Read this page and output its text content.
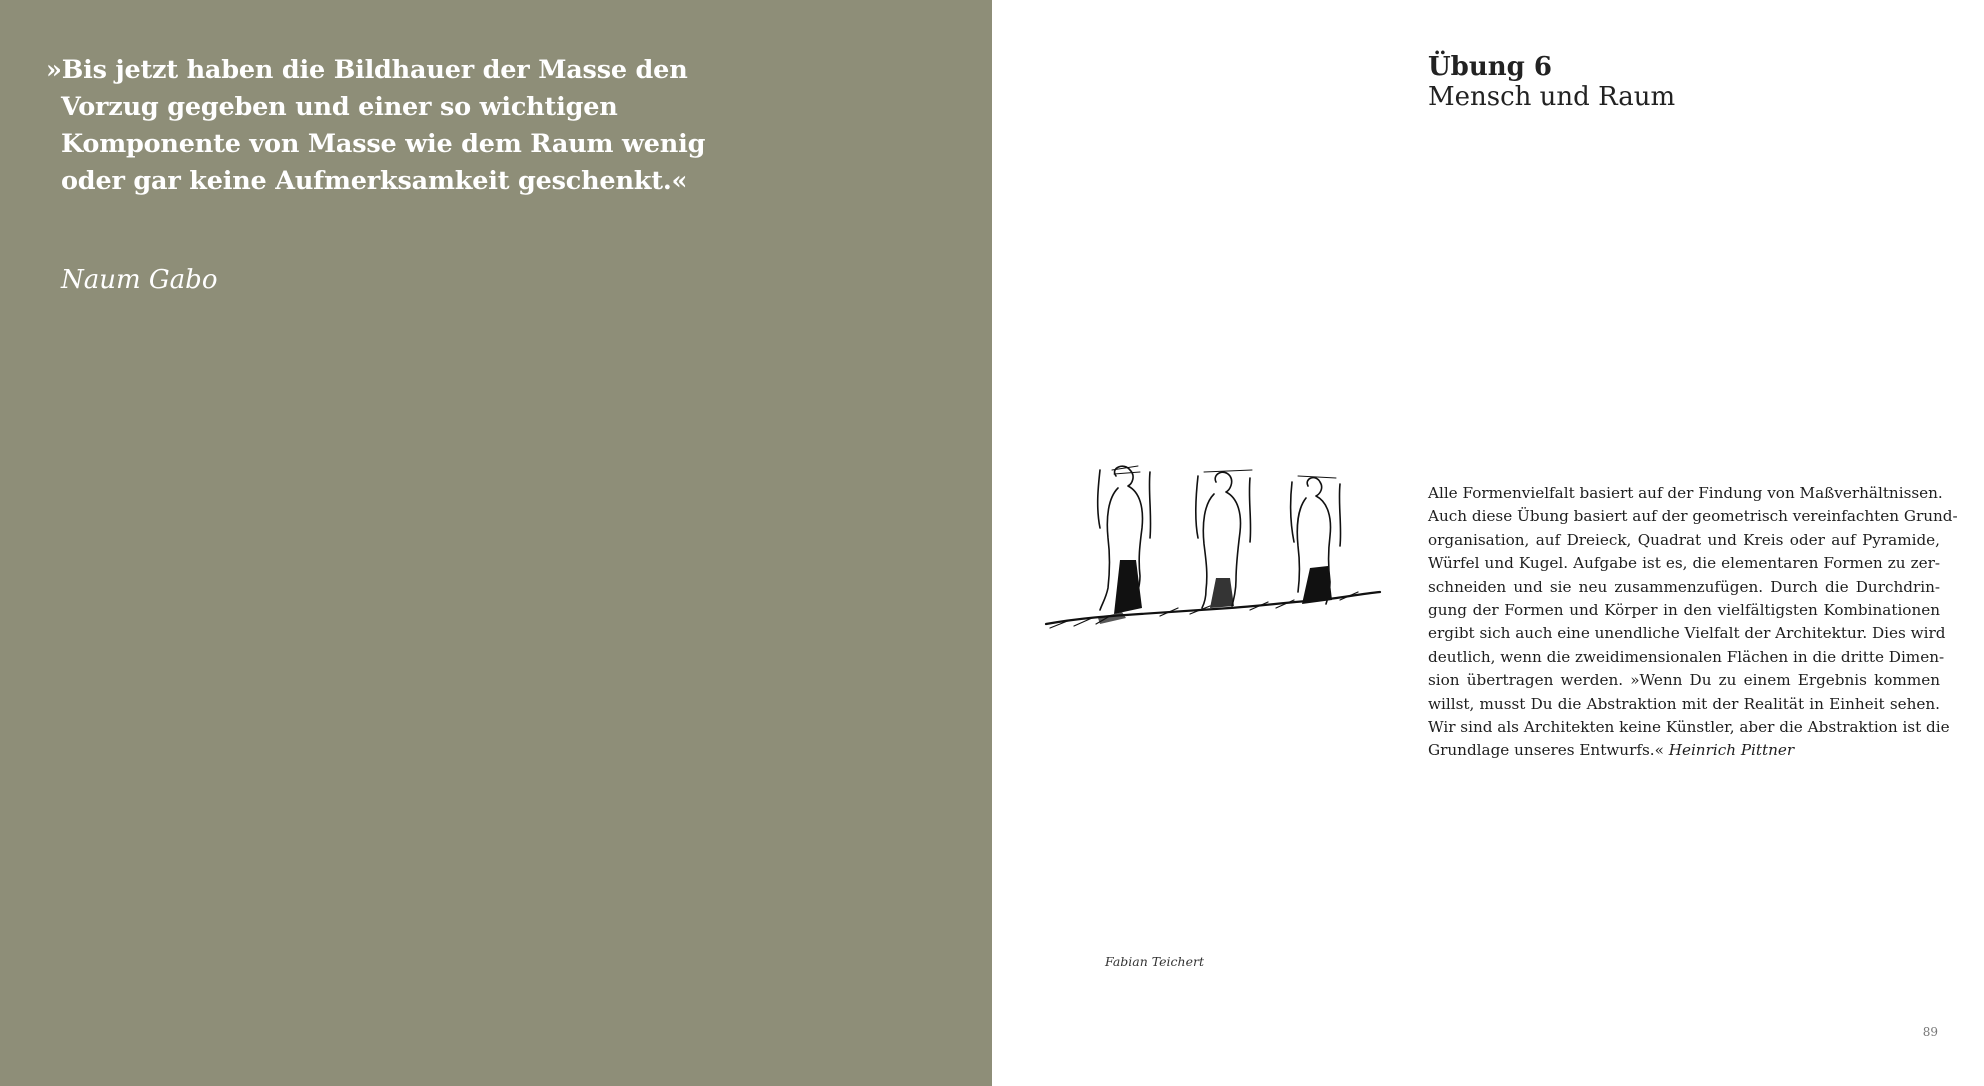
»Bis jetzt haben die Bildhauer der Masse den
Vorzug gegeben und einer so wichtigen
Komponente von Masse wie dem Raum wenig
oder gar keine Aufmerksamkeit geschenkt.«

Naum Gabo
Übung 6
Mensch und Raum
Fabian Teichert
Alle Formenvielfalt basiert auf der Findung von Maßverhältnissen.
Auch diese Übung basiert auf der geometrisch vereinfachten Grund-
organisation, auf Dreieck, Quadrat und Kreis oder auf Pyramide,
Würfel und Kugel. Aufgabe ist es, die elementaren Formen zu zer-
schneiden und sie neu zusammenzufügen. Durch die Durchdrin-
gung der Formen und Körper in den vielfältigsten Kombinationen
ergibt sich auch eine unendliche Vielfalt der Architektur. Dies wird
deutlich, wenn die zweidimensionalen Flächen in die dritte Dimen-
sion übertragen werden. »Wenn Du zu einem Ergebnis kommen
willst, musst Du die Abstraktion mit der Realität in Einheit sehen.
Wir sind als Architekten keine Künstler, aber die Abstraktion ist die
Grundlage unseres Entwurfs.« Heinrich Pittner
89
